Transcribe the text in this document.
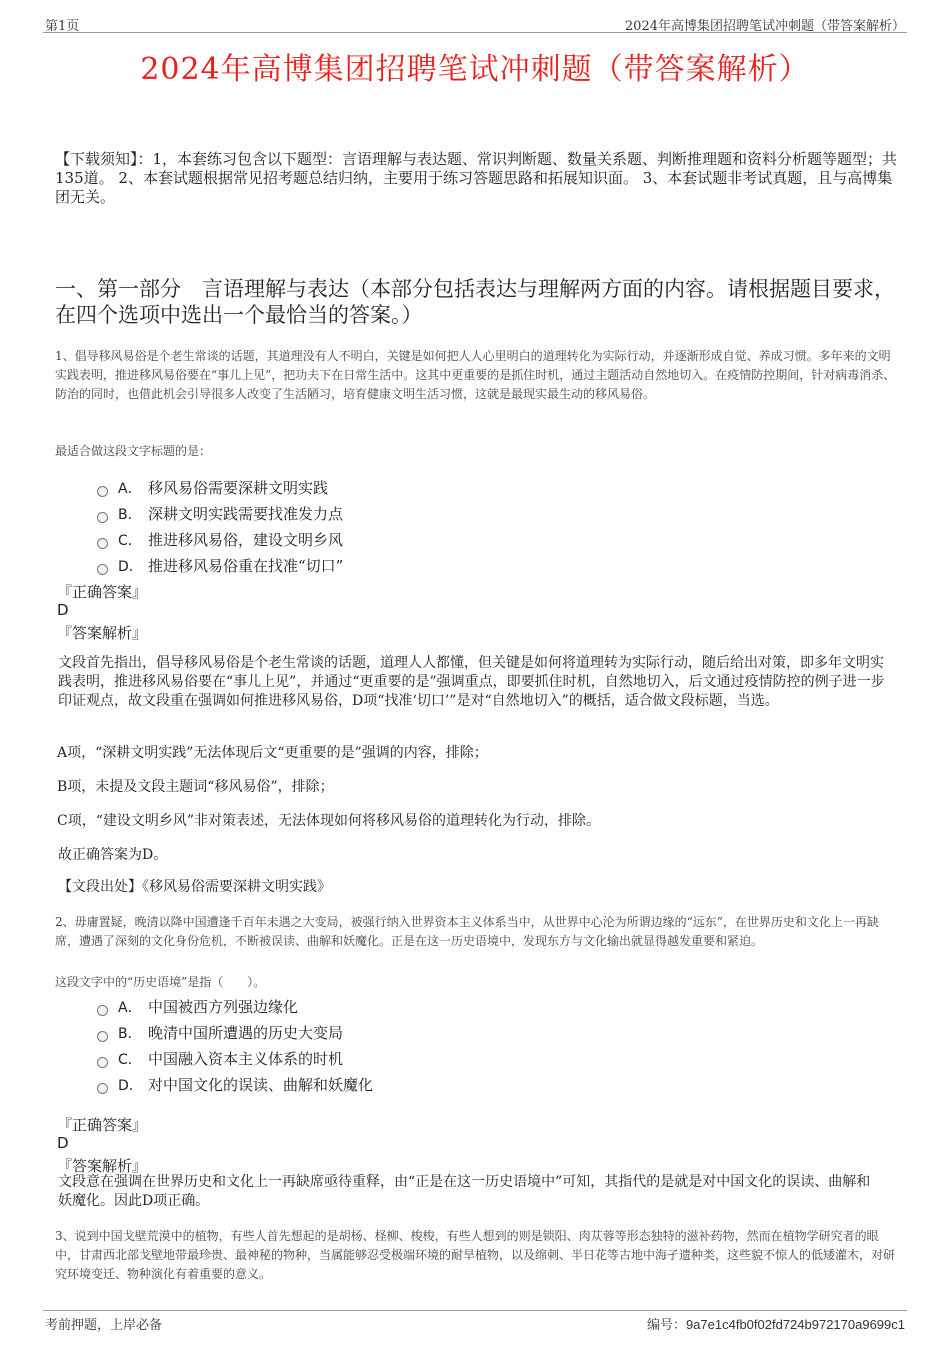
第1页	2024年高博集团招聘笔试冲刺题（带答案解析）
2024年高博集团招聘笔试冲刺题（带答案解析）
【下载须知】：1，本套练习包含以下题型：言语理解与表达题、常识判断题、数量关系题、判断推理题和资料分析题等题型；共135道。 2、本套试题根据常见招考题总结归纳，主要用于练习答题思路和拓展知识面。 3、本套试题非考试真题，且与高博集团无关。
一、第一部分　言语理解与表达（本部分包括表达与理解两方面的内容。请根据题目要求，在四个选项中选出一个最恰当的答案。）
1、倡导移风易俗是个老生常谈的话题，其道理没有人不明白，关键是如何把人人心里明白的道理转化为实际行动，并逐渐形成自觉、养成习惯。多年来的文明实践表明，推进移风易俗要在“事儿上见”，把功夫下在日常生活中。这其中更重要的是抓住时机，通过主题活动自然地切入。在疫情防控期间，针对病毒消杀、防治的同时，也借此机会引导很多人改变了生活陋习，培育健康文明生活习惯，这就是最现实最生动的移风易俗。
最适合做这段文字标题的是：
A． 移风易俗需要深耕文明实践
B． 深耕文明实践需要找准发力点
C． 推进移风易俗，建设文明乡风
D． 推进移风易俗重在找准“切口”
『正确答案』
D
『答案解析』
文段首先指出，倡导移风易俗是个老生常谈的话题，道理人人都懂，但关键是如何将道理转为实际行动，随后给出对策，即多年文明实践表明，推进移风易俗要在“事儿上见”，并通过“更重要的是”强调重点，即要抓住时机，自然地切入，后文通过疫情防控的例子进一步印证观点，故文段重在强调如何推进移风易俗，D项“找准‘切口’”是对“自然地切入”的概括，适合做文段标题，当选。
A项，“深耕文明实践”无法体现后文“更重要的是”强调的内容，排除；
B项，未提及文段主题词“移风易俗”，排除；
C项，“建设文明乡风”非对策表述，无法体现如何将移风易俗的道理转化为行动，排除。
故正确答案为D。
【文段出处】《移风易俗需要深耕文明实践》
2、毋庸置疑，晚清以降中国遭逢千百年未遇之大变局，被强行纳入世界资本主义体系当中，从世界中心沦为所谓边缘的“远东”，在世界历史和文化上一再缺席，遭遇了深刻的文化身份危机，不断被误读、曲解和妖魔化。正是在这一历史语境中，发现东方与文化输出就显得越发重要和紧迫。
这段文字中的“历史语境”是指（　　）。
A． 中国被西方列强边缘化
B． 晚清中国所遭遇的历史大变局
C． 中国融入资本主义体系的时机
D． 对中国文化的误读、曲解和妖魔化
『正确答案』
D
『答案解析』
文段意在强调在世界历史和文化上一再缺席亟待重释，由“正是在这一历史语境中”可知，其指代的是就是对中国文化的误读、曲解和妖魔化。因此D项正确。
3、说到中国戈壁荒漠中的植物，有些人首先想起的是胡杨、柽柳、梭梭，有些人想到的则是锁阳、肉苁蓉等形态独特的滋补药物，然而在植物学研究者的眼中，甘肃西北部戈壁地带最珍贵、最神秘的物种，当属能够忍受极端环境的耐旱植物，以及绵刺、半日花等古地中海孑遗种类，这些貌不惊人的低矮灌木，对研究环境变迁、物种演化有着重要的意义。
考前押题，上岸必备	编号：9a7e1c4fb0f02fd724b972170a9699c1
